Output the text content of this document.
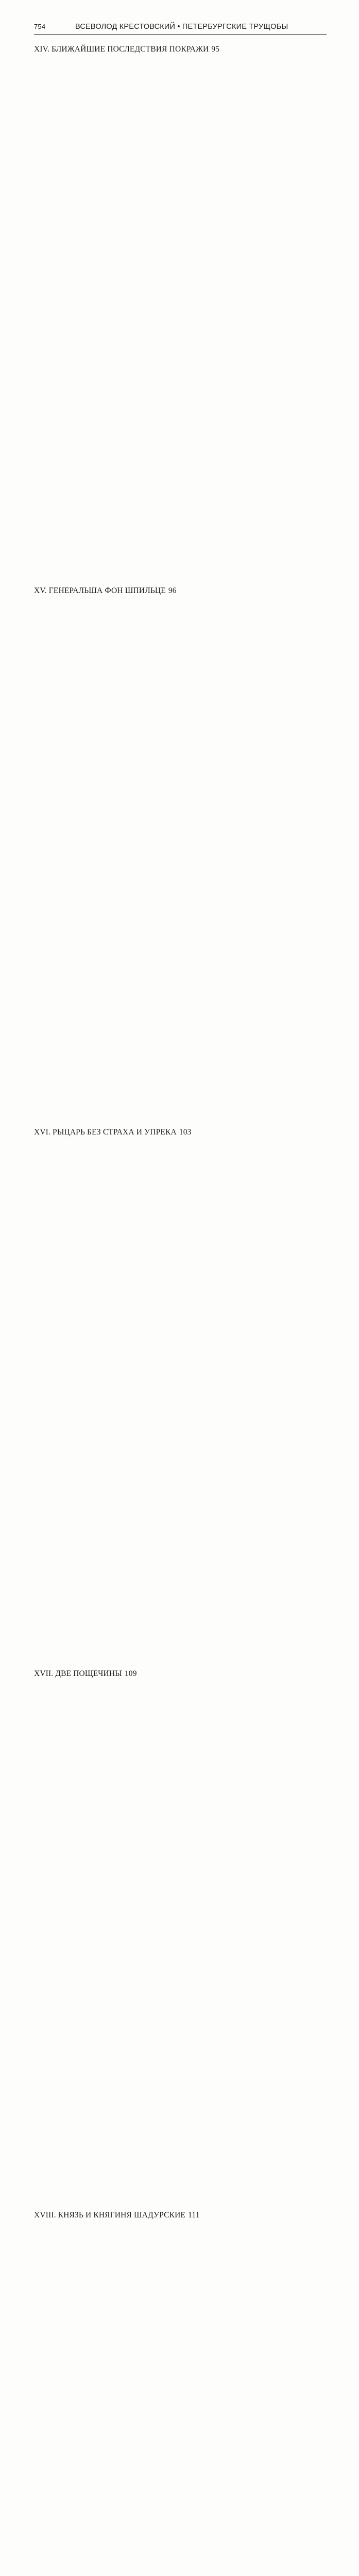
754	ВСЕВОЛОД КРЕСТОВСКИЙ • ПЕТЕРБУРГСКИЕ ТРУЩОБЫ
XIV. БЛИЖАЙШИЕ ПОСЛЕДСТВИЯ ПОКРАЖИ 95
XV. ГЕНЕРАЛЬША ФОН ШПИЛЬЦЕ 96
XVI. РЫЦАРЬ БЕЗ СТРАХА И УПРЕКА 103
XVII. ДВЕ ПОЩЕЧИНЫ 109
XVIII. КНЯЗЬ И КНЯГИНЯ ШАДУРСКИЕ 111
